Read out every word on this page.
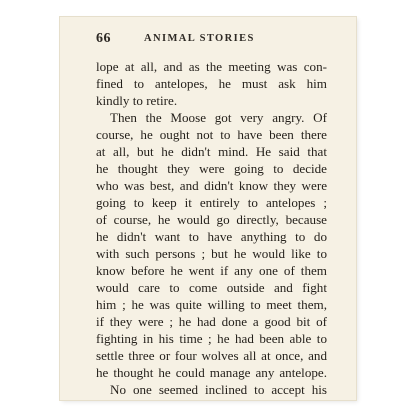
66	ANIMAL STORIES
lope at all, and as the meeting was con-
fined to antelopes, he must ask him
kindly to retire.
Then the Moose got very angry. Of
course, he ought not to have been there
at all, but he didn't mind. He said that
he thought they were going to decide
who was best, and didn't know they were
going to keep it entirely to antelopes ;
of course, he would go directly, because
he didn't want to have anything to do
with such persons ; but he would like to
know before he went if any one of them
would care to come outside and fight
him ; he was quite willing to meet them,
if they were ; he had done a good bit of
fighting in his time ; he had been able to
settle three or four wolves all at once, and
he thought he could manage any antelope.
No one seemed inclined to accept his
